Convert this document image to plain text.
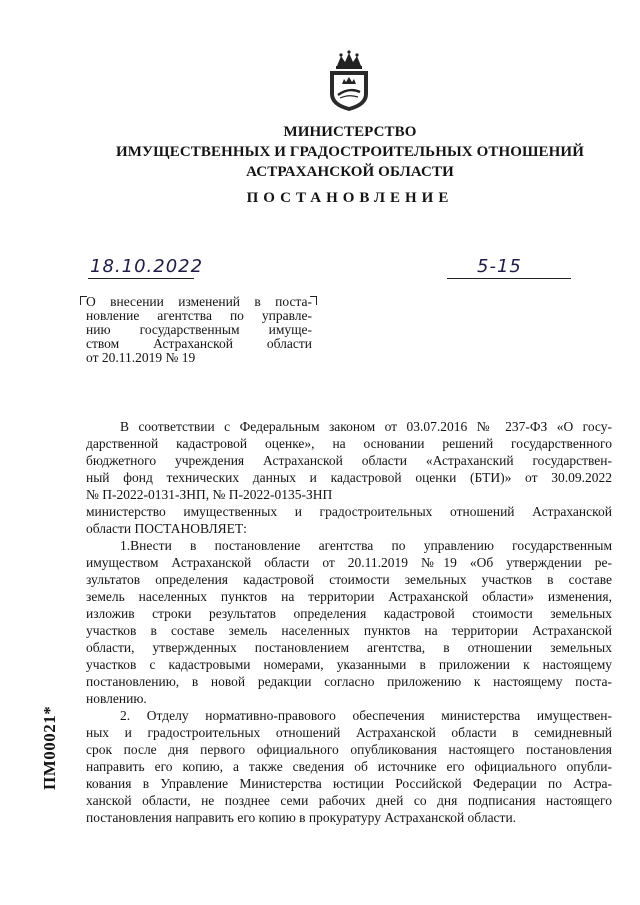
МИНИСТЕРСТВО
ИМУЩЕСТВЕННЫХ И ГРАДОСТРОИТЕЛЬНЫХ ОТНОШЕНИЙ
АСТРАХАНСКОЙ ОБЛАСТИ
ПОСТАНОВЛЕНИЕ
18.10.2022	5-15
О внесении изменений в поста-
новление агентства по управле-
нию государственным имуще-
ством Астраханской области
от 20.11.2019 № 19
В соответствии с Федеральным законом от 03.07.2016 № 237-ФЗ «О госу-
дарственной кадастровой оценке», на основании решений государственного
бюджетного учреждения Астраханской области «Астраханский государствен-
ный фонд технических данных и кадастровой оценки (БТИ)» от 30.09.2022
№ П-2022-0131-ЗНП, № П-2022-0135-ЗНП
министерство имущественных и градостроительных отношений Астраханской
области ПОСТАНОВЛЯЕТ:
1.Внести в постановление агентства по управлению государственным
имуществом Астраханской области от 20.11.2019 №19 «Об утверждении ре-
зультатов определения кадастровой стоимости земельных участков в составе
земель населенных пунктов на территории Астраханской области» изменения,
изложив строки результатов определения кадастровой стоимости земельных
участков в составе земель населенных пунктов на территории Астраханской
области, утвержденных постановлением агентства, в отношении земельных
участков с кадастровыми номерами, указанными в приложении к настоящему
постановлению, в новой редакции согласно приложению к настоящему поста-
новлению.
2. Отделу нормативно-правового обеспечения министерства имуществен-
ных и градостроительных отношений Астраханской области в семидневный
срок после дня первого официального опубликования настоящего постановления
направить его копию, а также сведения об источнике его официального опубли-
кования в Управление Министерства юстиции Российской Федерации по Астра-
ханской области, не позднее семи рабочих дней со дня подписания настоящего
постановления направить его копию в прокуратуру Астраханской области.
ПМ00021*
